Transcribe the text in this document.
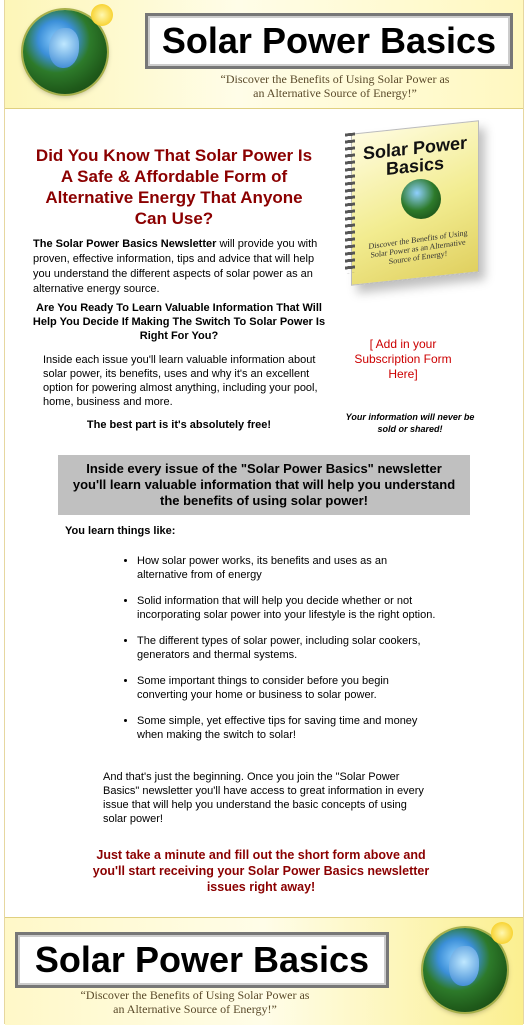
Solar Power Basics
“Discover the Benefits of Using Solar Power as
an Alternative Source of Energy!”
Did You Know That Solar Power Is A Safe & Affordable Form of Alternative Energy That Anyone Can Use?
The Solar Power Basics Newsletter will provide you with proven, effective information, tips and advice that will help you understand the different aspects of solar power as an alternative energy source.
Are You Ready To Learn Valuable Information That Will Help You Decide If Making The Switch To Solar Power Is Right For You?
Inside each issue you'll learn valuable information about solar power, its benefits, uses and why it's an excellent option for powering almost anything, including your pool, home, business and more.
The best part is it's absolutely free!
Solar Power Basics
Discover the Benefits of Using Solar Power as an Alternative Source of Energy!
[ Add in your Subscription Form Here]
Your information will never be sold or shared!
Inside every issue of the "Solar Power Basics" newsletter you'll learn valuable information that will help you understand the benefits of using solar power!
You learn things like:
• How solar power works, its benefits and uses as an alternative from of energy
• Solid information that will help you decide whether or not incorporating solar power into your lifestyle is the right option.
• The different types of solar power, including solar cookers, generators and thermal systems.
• Some important things to consider before you begin converting your home or business to solar power.
• Some simple, yet effective tips for saving time and money when making the switch to solar!
And that's just the beginning. Once you join the "Solar Power Basics" newsletter you'll have access to great information in every issue that will help you understand the basic concepts of using solar power!
Just take a minute and fill out the short form above and you'll start receiving your Solar Power Basics newsletter issues right away!
Solar Power Basics
“Discover the Benefits of Using Solar Power as
an Alternative Source of Energy!”
